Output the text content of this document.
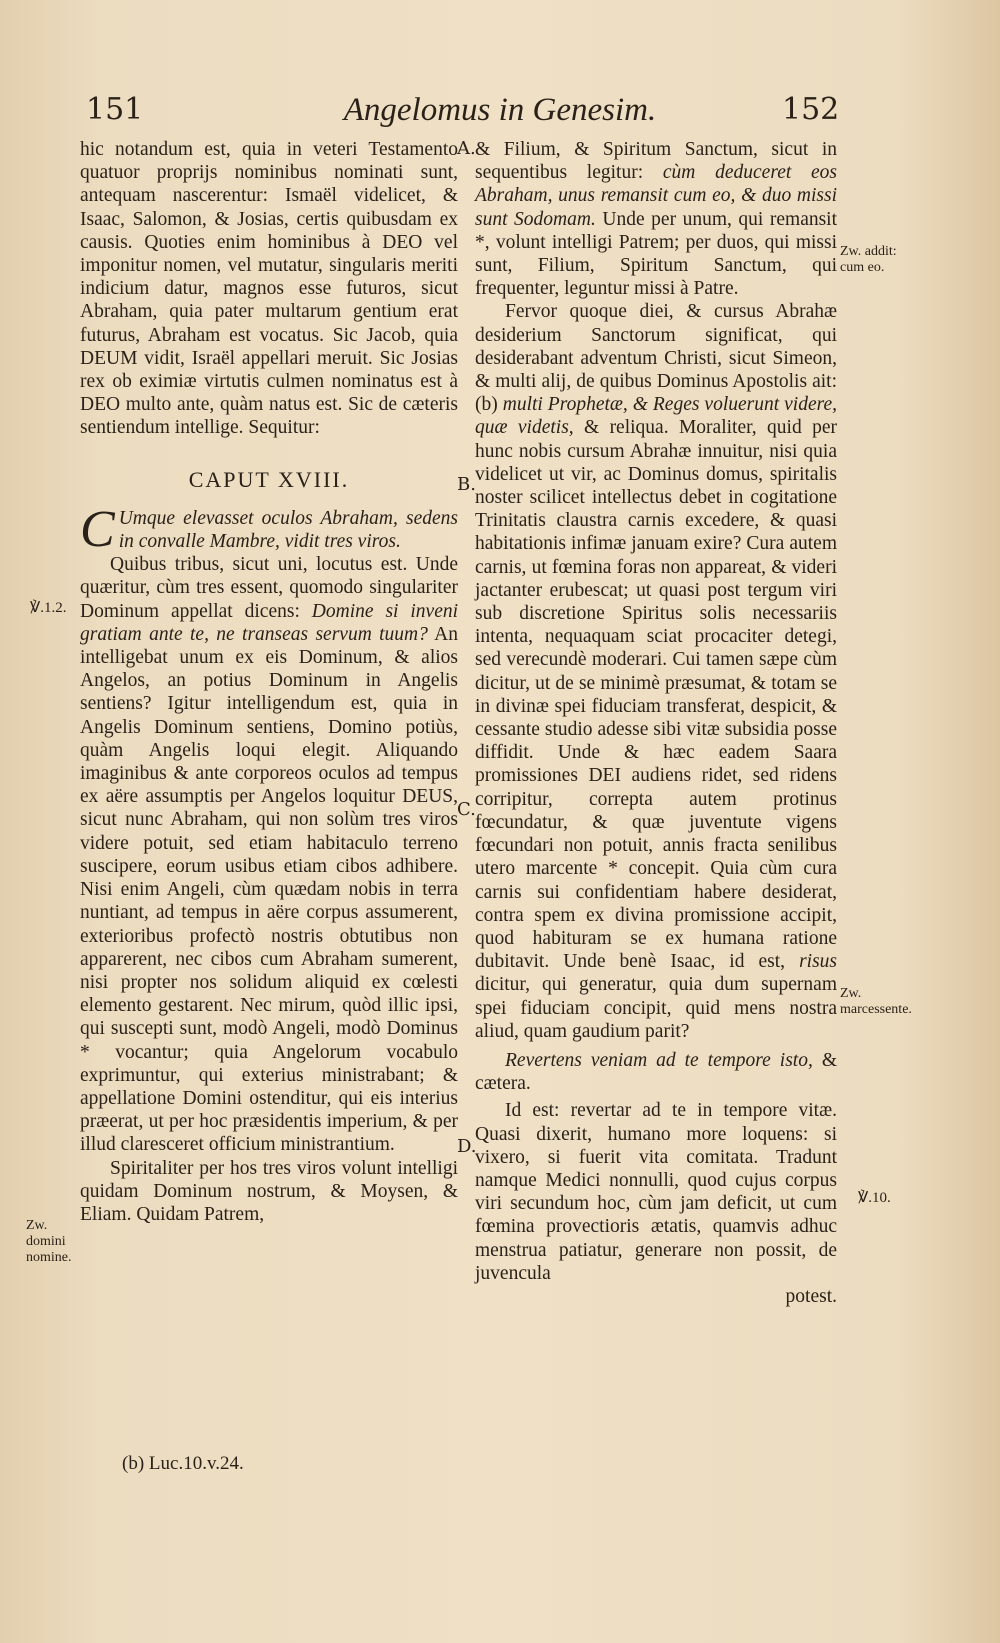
151	Angelomus in Genesim.	152

hic notandum est, quia in veteri Testamento quatuor proprijs nominibus nominati sunt, antequam nascerentur: Ismaël videlicet, & Isaac, Salomon, & Josias, certis quibusdam ex causis. Quoties enim hominibus à DEO vel imponitur nomen, vel mutatur, singularis meriti indicium datur, magnos esse futuros, sicut Abraham, quia pater multarum gentium erat futurus, Abraham est vocatus. Sic Jacob, quia DEUM vidit, Israël appellari meruit. Sic Josias rex ob eximiæ virtutis culmen nominatus est à DEO multo ante, quàm natus est. Sic de cæteris sentiendum intellige. Sequitur:

CAPUT XVIII.

C Umque elevasset oculos Abraham, sedens in convalle Mambre, vidit tres viros.

Quibus tribus, sicut uni, locutus est. Unde quæritur, cùm tres essent, quomodo singulariter Dominum appellat dicens: Domine si inveni gratiam ante te, ne transeas servum tuum? An intelligebat unum ex eis Dominum, & alios Angelos, an potius Dominum in Angelis sentiens? Igitur intelligendum est, quia in Angelis Dominum sentiens, Domino potiùs, quàm Angelis loqui elegit. Aliquando imaginibus & ante corporeos oculos ad tempus ex aëre assumptis per Angelos loquitur DEUS, sicut nunc Abraham, qui non solùm tres viros videre potuit, sed etiam habitaculo terreno suscipere, eorum usibus etiam cibos adhibere. Nisi enim Angeli, cùm quædam nobis in terra nuntiant, ad tempus in aëre corpus assumerent, exterioribus profectò nostris obtutibus non apparerent, nec cibos cum Abraham sumerent, nisi propter nos solidum aliquid ex cœlesti elemento gestarent. Nec mirum, quòd illic ipsi, qui suscepti sunt, modò Angeli, modò Dominus * vocantur; quia Angelorum vocabulo exprimuntur, qui exterius ministrabant; & appellatione Domini ostenditur, qui eis interius præerat, ut per hoc præsidentis imperium, & per illud claresceret officium ministrantium.

Spiritaliter per hos tres viros volunt intelligi quidam Dominum nostrum, & Moysen, & Eliam. Quidam Patrem,

& Filium, & Spiritum Sanctum, sicut in sequentibus legitur: cùm deduceret eos Abraham, unus remansit cum eo, & duo missi sunt Sodomam. Unde per unum, qui remansit *, volunt intelligi Patrem; per duos, qui missi sunt, Filium, Spiritum Sanctum, qui frequenter, leguntur missi à Patre.

Fervor quoque diei, & cursus Abrahæ desiderium Sanctorum significat, qui desiderabant adventum Christi, sicut Simeon, & multi alij, de quibus Dominus Apostolis ait: (b) multi Prophetæ, & Reges voluerunt videre, quæ videtis, & reliqua. Moraliter, quid per hunc nobis cursum Abrahæ innuitur, nisi quia videlicet ut vir, ac Dominus domus, spiritalis noster scilicet intellectus debet in cogitatione Trinitatis claustra carnis excedere, & quasi habitationis infimæ januam exire? Cura autem carnis, ut fœmina foras non appareat, & videri jactanter erubescat; ut quasi post tergum viri sub discretione Spiritus solis necessariis intenta, nequaquam sciat procaciter detegi, sed verecundè moderari. Cui tamen sæpe cùm dicitur, ut de se minimè præsumat, & totam se in divinæ spei fiduciam transferat, despicit, & cessante studio adesse sibi vitæ subsidia posse diffidit. Unde & hæc eadem Saara promissiones DEI audiens ridet, sed ridens corripitur, correpta autem protinus fœcundatur, & quæ juventute vigens fœcundari non potuit, annis fracta senilibus utero marcente * concepit. Quia cùm cura carnis sui confidentiam habere desiderat, contra spem ex divina promissione accipit, quod habituram se ex humana ratione dubitavit. Unde benè Isaac, id est, risus dicitur, qui generatur, quia dum supernam spei fiduciam concipit, quid mens nostra aliud, quam gaudium parit?

Revertens veniam ad te tempore isto, & cætera.

Id est: revertar ad te in tempore vitæ. Quasi dixerit, humano more loquens: si vixero, si fuerit vita comitata. Tradunt namque Medici nonnulli, quod cujus corpus viri secundum hoc, cùm jam deficit, ut cum fœmina provectioris ætatis, quamvis adhuc menstrua patiatur, generare non possit, de juvencula

potest.

A.
B.
C.
D.
℣.1.2.
℣.10.
Zw. addit: cum eo.
Zw. marcessente.
Zw. domini nomine.
(b) Luc.10.v.24.
